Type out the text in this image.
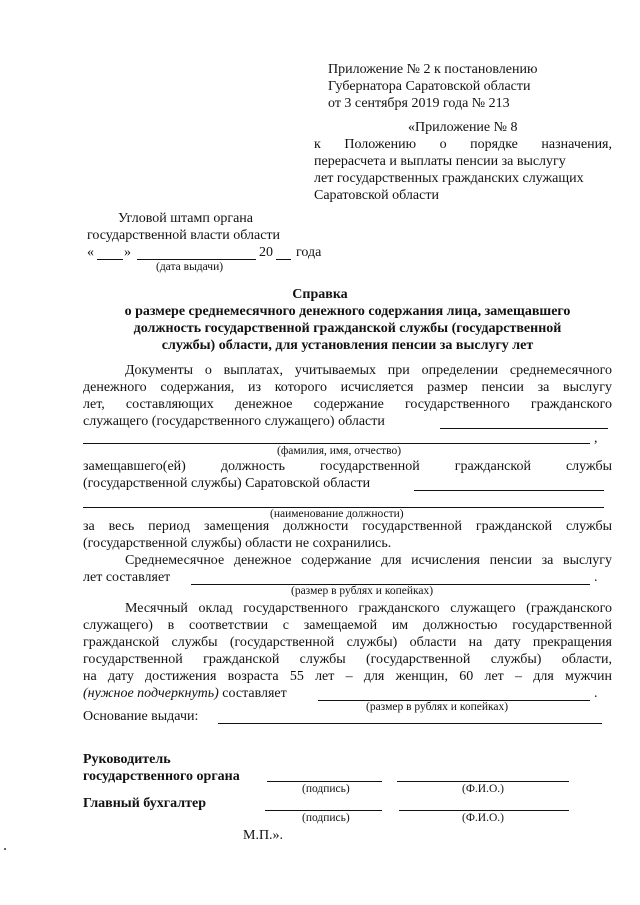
Приложение № 2 к постановлению
Губернатора Саратовской области
от 3 сентября 2019 года № 213
«Приложение № 8
к Положению о порядке назначения,
перерасчета и выплаты пенсии за выслугу
лет государственных гражданских служащих
Саратовской области
Угловой штамп органа
государственной власти области
« »	20 года
(дата выдачи)
Справка
о размере среднемесячного денежного содержания лица, замещавшего
должность государственной гражданской службы (государственной
службы) области, для установления пенсии за выслугу лет
Документы о выплатах, учитываемых при определении среднемесячного
денежного содержания, из которого исчисляется размер пенсии за выслугу
лет, составляющих денежное содержание государственного гражданского
служащего (государственного служащего) области
,
(фамилия, имя, отчество)
замещавшего(ей) должность государственной гражданской службы
(государственной службы) Саратовской области
(наименование должности)
за весь период замещения должности государственной гражданской службы
(государственной службы) области не сохранились.
Среднемесячное денежное содержание для исчисления пенсии за выслугу
лет составляет	.
(размер в рублях и копейках)
Месячный оклад государственного гражданского служащего (гражданского
служащего) в соответствии с замещаемой им должностью государственной
гражданской службы (государственной службы) области на дату прекращения
государственной гражданской службы (государственной службы) области,
на дату достижения возраста 55 лет – для женщин, 60 лет – для мужчин
(нужное подчеркнуть) составляет	.
(размер в рублях и копейках)
Основание выдачи:
Руководитель
государственного органа
(подпись)	(Ф.И.О.)
Главный бухгалтер
(подпись)	(Ф.И.О.)
М.П.».
